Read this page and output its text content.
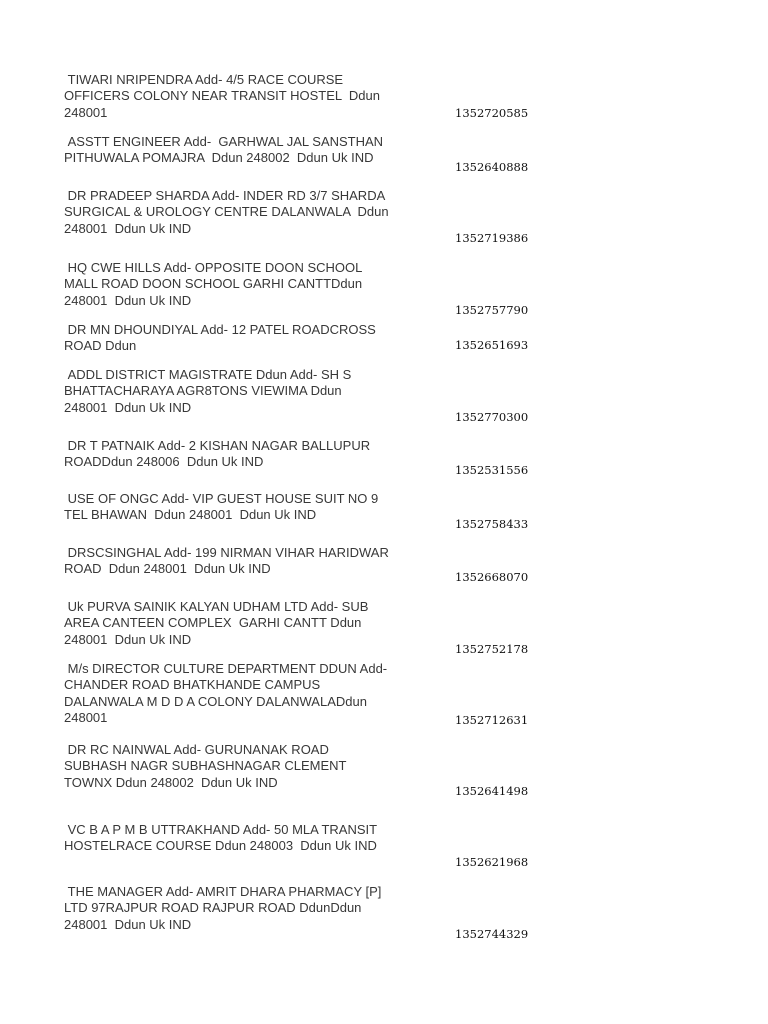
TIWARI NRIPENDRA Add- 4/5 RACE COURSE
OFFICERS COLONY NEAR TRANSIT HOSTEL  Ddun
248001	1352720585
ASSTT ENGINEER Add-  GARHWAL JAL SANSTHAN
PITHUWALA POMAJRA  Ddun 248002  Ddun Uk IND
1352640888
DR PRADEEP SHARDA Add- INDER RD 3/7 SHARDA
SURGICAL & UROLOGY CENTRE DALANWALA  Ddun
248001  Ddun Uk IND
1352719386
HQ CWE HILLS Add- OPPOSITE DOON SCHOOL
MALL ROAD DOON SCHOOL GARHI CANTTDdun
248001  Ddun Uk IND
1352757790
DR MN DHOUNDIYAL Add- 12 PATEL ROADCROSS
ROAD Ddun	1352651693
ADDL DISTRICT MAGISTRATE Ddun Add- SH S
BHATTACHARAYA AGR8TONS VIEWIMA Ddun
248001  Ddun Uk IND
1352770300
DR T PATNAIK Add- 2 KISHAN NAGAR BALLUPUR
ROADDdun 248006  Ddun Uk IND
1352531556
USE OF ONGC Add- VIP GUEST HOUSE SUIT NO 9
TEL BHAWAN  Ddun 248001  Ddun Uk IND
1352758433
DRSCSINGHAL Add- 199 NIRMAN VIHAR HARIDWAR
ROAD  Ddun 248001  Ddun Uk IND
1352668070
Uk PURVA SAINIK KALYAN UDHAM LTD Add- SUB
AREA CANTEEN COMPLEX  GARHI CANTT Ddun
248001  Ddun Uk IND
1352752178
M/s DIRECTOR CULTURE DEPARTMENT DDUN Add-
CHANDER ROAD BHATKHANDE CAMPUS
DALANWALA M D D A COLONY DALANWALADdun
248001	1352712631
DR RC NAINWAL Add- GURUNANAK ROAD
SUBHASH NAGR SUBHASHNAGAR CLEMENT
TOWNX Ddun 248002  Ddun Uk IND
1352641498
VC B A P M B UTTRAKHAND Add- 50 MLA TRANSIT
HOSTELRACE COURSE Ddun 248003  Ddun Uk IND
1352621968
THE MANAGER Add- AMRIT DHARA PHARMACY [P]
LTD 97RAJPUR ROAD RAJPUR ROAD DdunDdun
248001  Ddun Uk IND
1352744329
